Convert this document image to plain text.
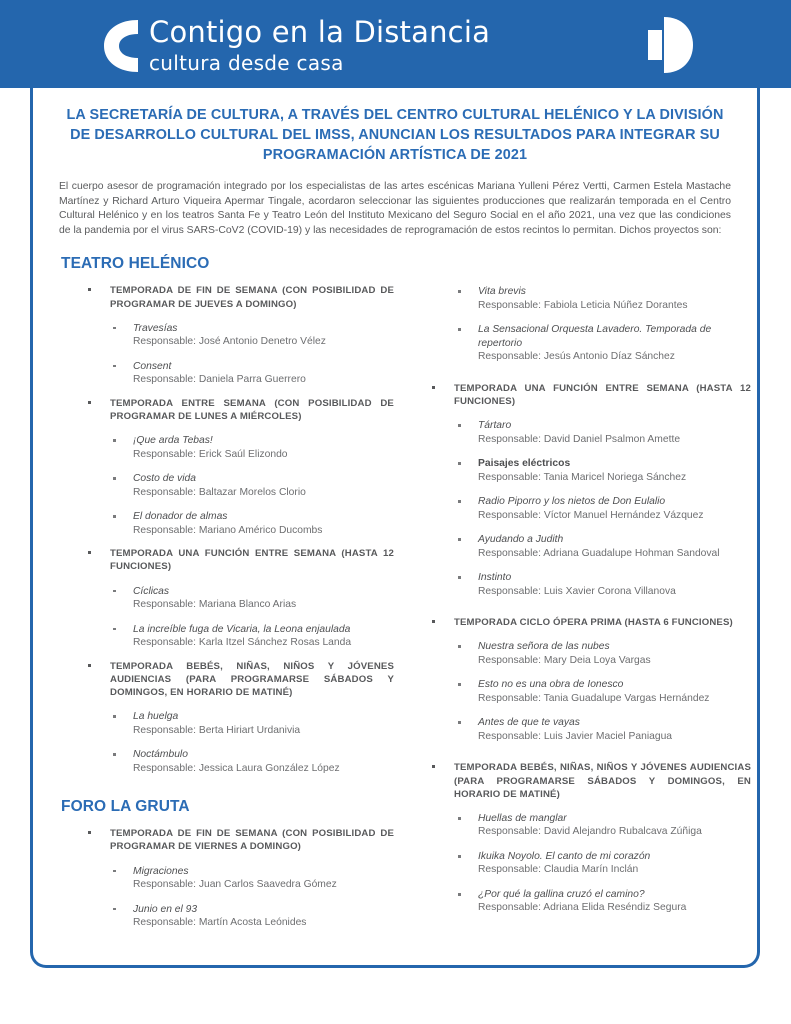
Contigo en la Distancia
cultura desde casa
LA SECRETARÍA DE CULTURA, A TRAVÉS DEL CENTRO CULTURAL HELÉNICO Y LA DIVISIÓN DE DESARROLLO CULTURAL DEL IMSS, ANUNCIAN LOS RESULTADOS PARA INTEGRAR SU PROGRAMACIÓN ARTÍSTICA DE 2021

El cuerpo asesor de programación integrado por los especialistas de las artes escénicas Mariana Yulleni Pérez Vertti, Carmen Estela Mastache Martínez y Richard Arturo Viqueira Apermar Tingale, acordaron seleccionar las siguientes producciones que realizarán temporada en el Centro Cultural Helénico y en los teatros Santa Fe y Teatro León del Instituto Mexicano del Seguro Social en el año 2021, una vez que las condiciones de la pandemia por el virus SARS-CoV2 (COVID-19) y las necesidades de reprogramación de estos recintos lo permitan. Dichos proyectos son:

TEATRO HELÉNICO
TEMPORADA DE FIN DE SEMANA (CON POSIBILIDAD DE PROGRAMAR DE JUEVES A DOMINGO)
Travesías
Responsable: José Antonio Denetro Vélez
Consent
Responsable: Daniela Parra Guerrero
TEMPORADA ENTRE SEMANA (CON POSIBILIDAD DE PROGRAMAR DE LUNES A MIÉRCOLES)
¡Que arda Tebas!
Responsable: Erick Saúl Elizondo
Costo de vida
Responsable: Baltazar Morelos Clorio
El donador de almas
Responsable: Mariano Américo Ducombs
TEMPORADA UNA FUNCIÓN ENTRE SEMANA (HASTA 12 FUNCIONES)
Cíclicas
Responsable: Mariana Blanco Arias
La increíble fuga de Vicaria, la Leona enjaulada
Responsable: Karla Itzel Sánchez Rosas Landa
TEMPORADA BEBÉS, NIÑAS, NIÑOS Y JÓVENES AUDIENCIAS (PARA PROGRAMARSE SÁBADOS Y DOMINGOS, EN HORARIO DE MATINÉ)
La huelga
Responsable: Berta Hiriart Urdanivia
Noctámbulo
Responsable: Jessica Laura González López
FORO LA GRUTA
TEMPORADA DE FIN DE SEMANA (CON POSIBILIDAD DE PROGRAMAR DE VIERNES A DOMINGO)
Migraciones
Responsable: Juan Carlos Saavedra Gómez
Junio en el 93
Responsable: Martín Acosta Leónides
Vita brevis
Responsable: Fabiola Leticia Núñez Dorantes
La Sensacional Orquesta Lavadero. Temporada de repertorio
Responsable: Jesús Antonio Díaz Sánchez
TEMPORADA UNA FUNCIÓN ENTRE SEMANA (HASTA 12 FUNCIONES)
Tártaro
Responsable: David Daniel Psalmon Amette
Paisajes eléctricos
Responsable: Tania Maricel Noriega Sánchez
Radio Piporro y los nietos de Don Eulalio
Responsable: Víctor Manuel Hernández Vázquez
Ayudando a Judith
Responsable: Adriana Guadalupe Hohman Sandoval
Instinto
Responsable: Luis Xavier Corona Villanova
TEMPORADA CICLO ÓPERA PRIMA (HASTA 6 FUNCIONES)
Nuestra señora de las nubes
Responsable: Mary Deia Loya Vargas
Esto no es una obra de Ionesco
Responsable: Tania Guadalupe Vargas Hernández
Antes de que te vayas
Responsable: Luis Javier Maciel Paniagua
TEMPORADA BEBÉS, NIÑAS, NIÑOS Y JÓVENES AUDIENCIAS (PARA PROGRAMARSE SÁBADOS Y DOMINGOS, EN HORARIO DE MATINÉ)
Huellas de manglar
Responsable: David Alejandro Rubalcava Zúñiga
Ikuika Noyolo. El canto de mi corazón
Responsable: Claudia Marín Inclán
¿Por qué la gallina cruzó el camino?
Responsable: Adriana Elida Reséndiz Segura
